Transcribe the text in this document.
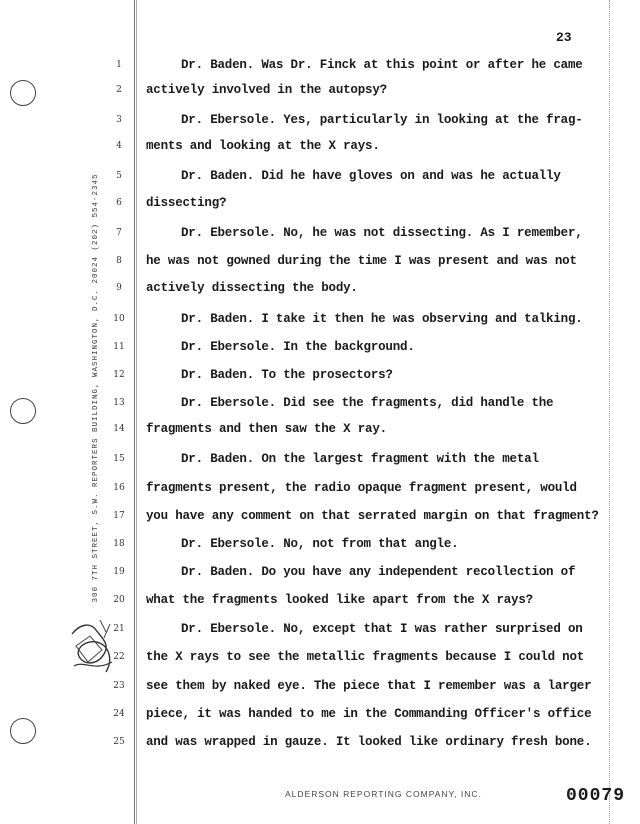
23
300 7TH STREET, S.W. REPORTERS BUILDING, WASHINGTON, D.C. 20024 (202) 554-2345
1	Dr. Baden. Was Dr. Finck at this point or after he came
2	actively involved in the autopsy?
3	Dr. Ebersole. Yes, particularly in looking at the frag-
4	ments and looking at the X rays.
5	Dr. Baden. Did he have gloves on and was he actually
6	dissecting?
7	Dr. Ebersole. No, he was not dissecting. As I remember,
8	he was not gowned during the time I was present and was not
9	actively dissecting the body.
10	Dr. Baden. I take it then he was observing and talking.
11	Dr. Ebersole. In the background.
12	Dr. Baden. To the prosectors?
13	Dr. Ebersole. Did see the fragments, did handle the
14	fragments and then saw the X ray.
15	Dr. Baden. On the largest fragment with the metal
16	fragments present, the radio opaque fragment present, would
17	you have any comment on that serrated margin on that fragment?
18	Dr. Ebersole. No, not from that angle.
19	Dr. Baden. Do you have any independent recollection of
20	what the fragments looked like apart from the X rays?
21	Dr. Ebersole. No, except that I was rather surprised on
22	the X rays to see the metallic fragments because I could not
23	see them by naked eye. The piece that I remember was a larger
24	piece, it was handed to me in the Commanding Officer's office
25	and was wrapped in gauze. It looked like ordinary fresh bone.
ALDERSON REPORTING COMPANY, INC.	00079
